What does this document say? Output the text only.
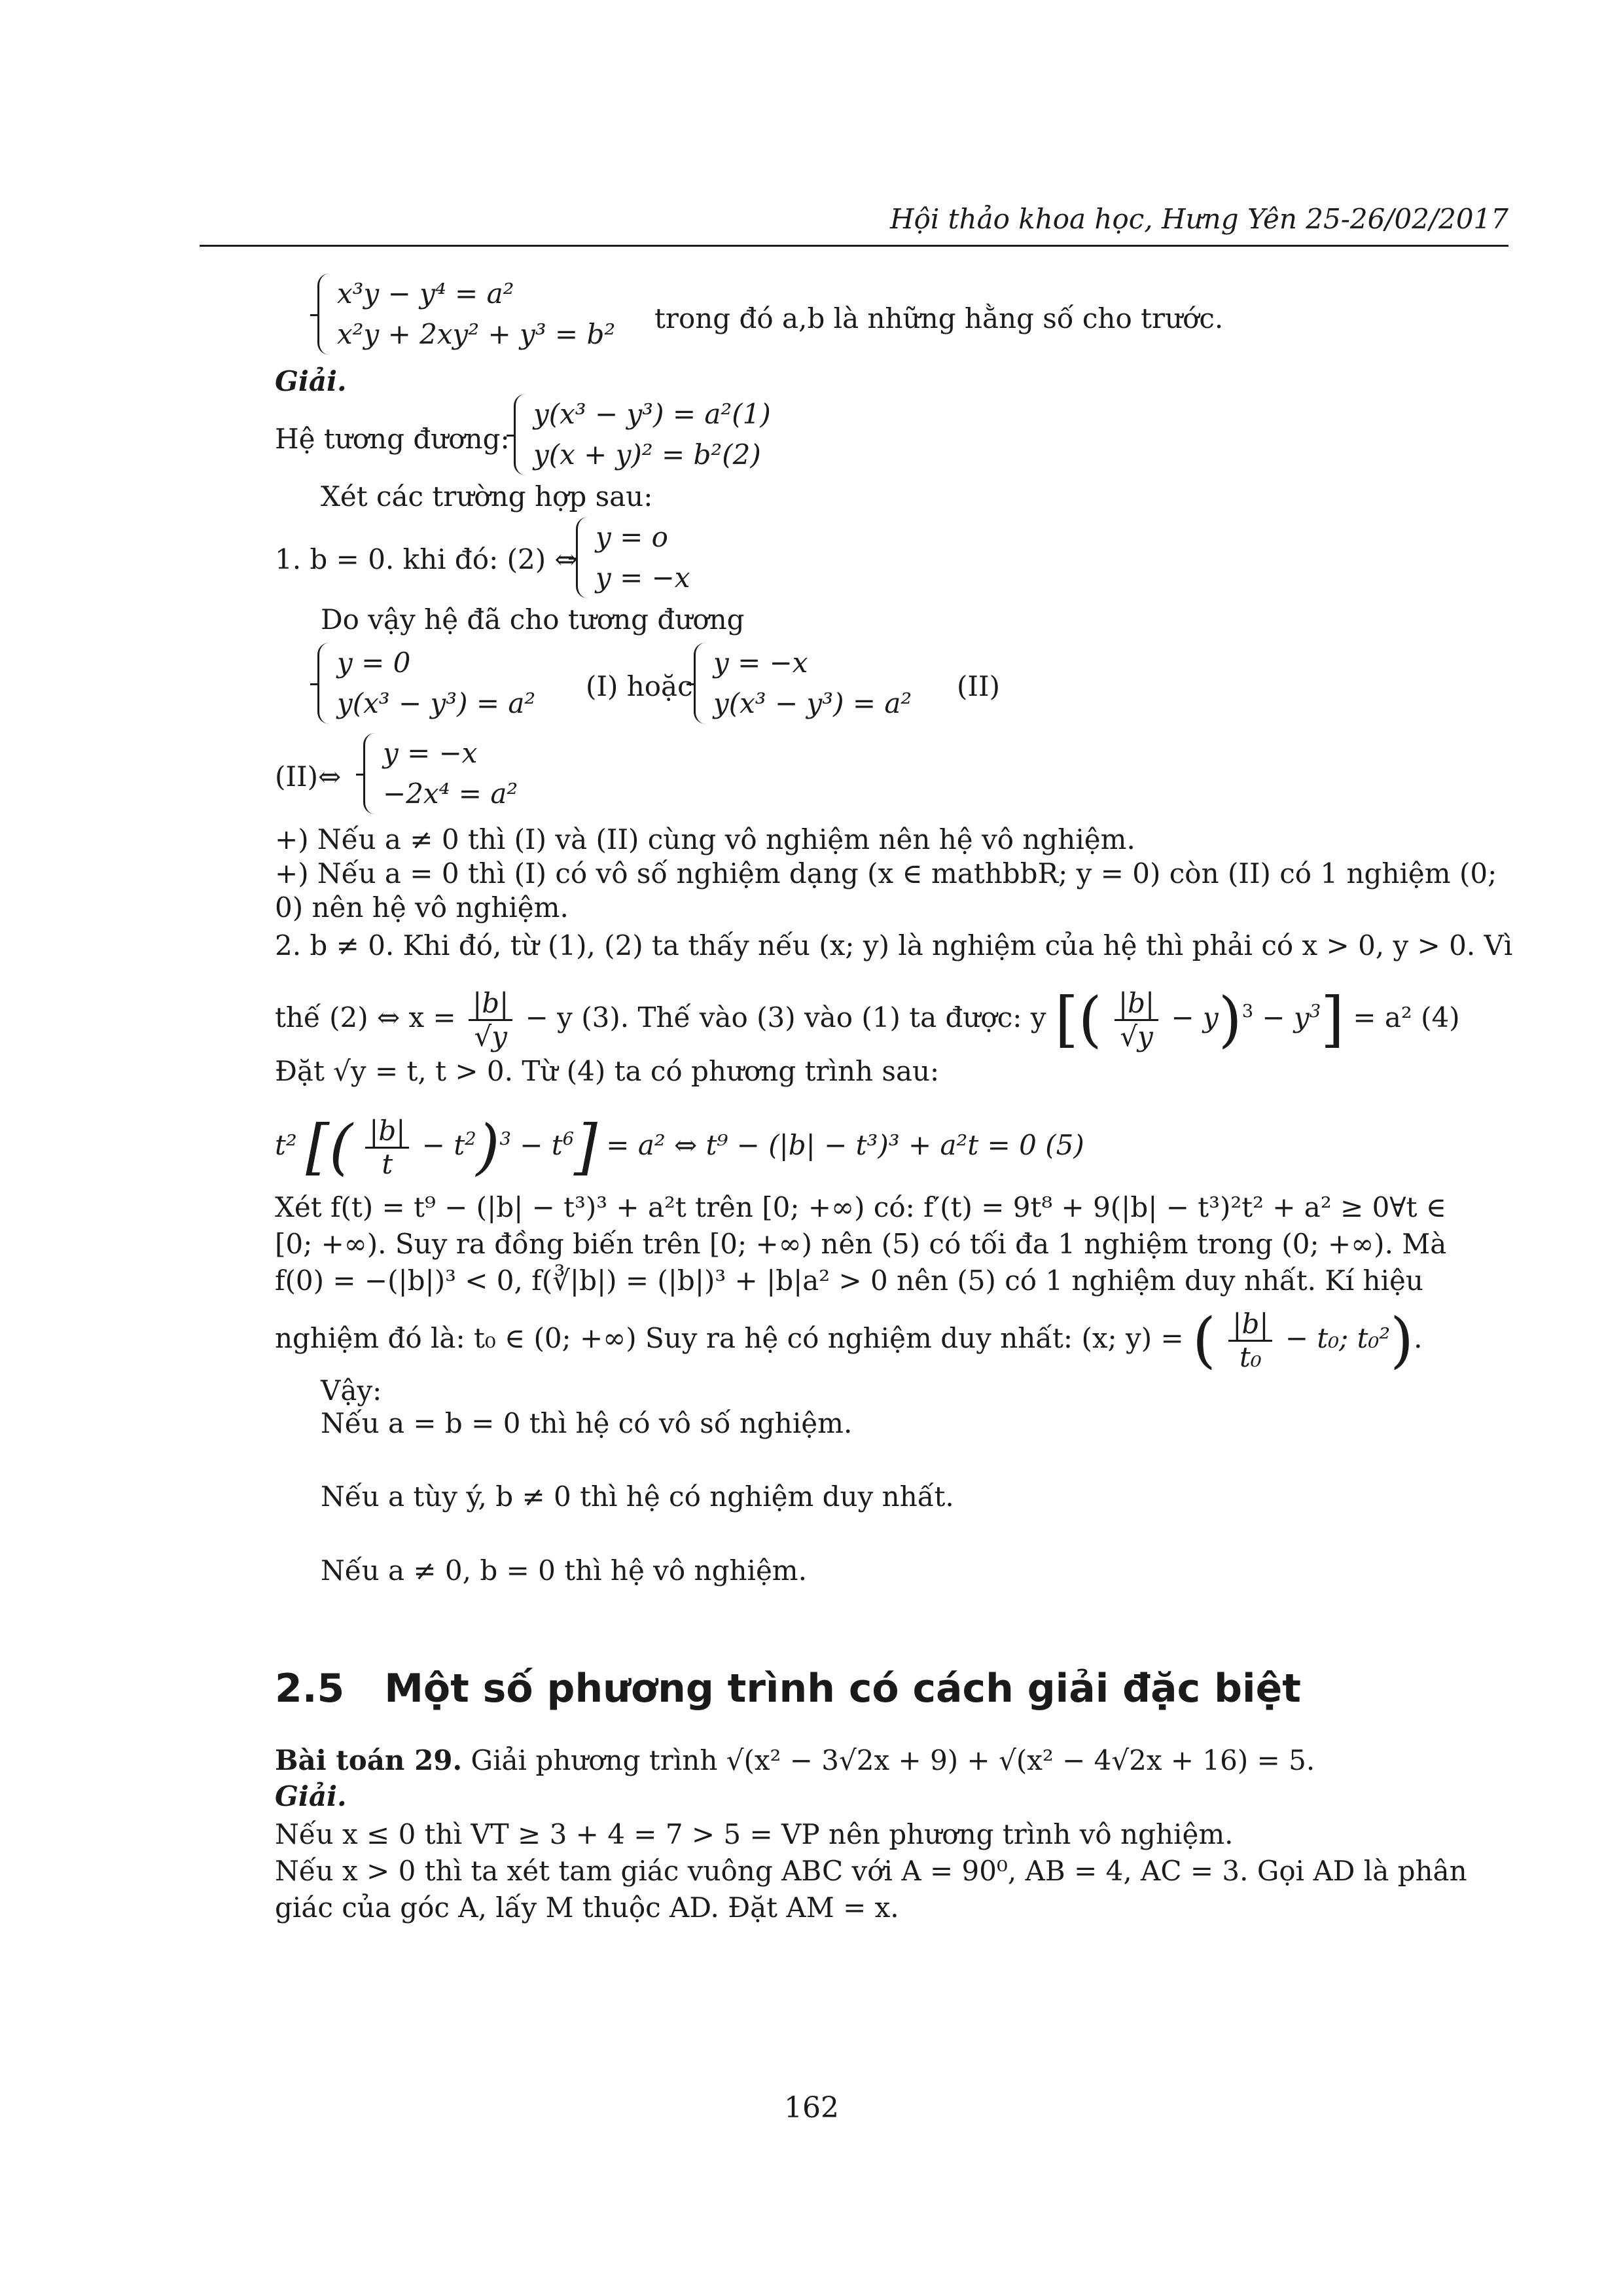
Hội thảo khoa học, Hưng Yên 25-26/02/2017
x³y − y⁴ = a²
x²y + 2xy² + y³ = b² trong đó a,b là những hằng số cho trước.
Giải.
Hệ tương đương:
y(x³ − y³) = a²(1)
y(x + y)² = b²(2)
Xét các trường hợp sau:
1. b = 0. khi đó: (2) ⇔
y = o
y = −x
Do vậy hệ đã cho tương đương
y = 0
y(x³ − y³) = a²
(I) hoặc
y = −x
y(x³ − y³) = a²
(II)
(II)⇔
y = −x
−2x⁴ = a²
+) Nếu a ≠ 0 thì (I) và (II) cùng vô nghiệm nên hệ vô nghiệm.
+) Nếu a = 0 thì (I) có vô số nghiệm dạng (x ∈ mathbbR; y = 0) còn (II) có 1 nghiệm (0;
0) nên hệ vô nghiệm.
2. b ≠ 0. Khi đó, từ (1), (2) ta thấy nếu (x; y) là nghiệm của hệ thì phải có x > 0, y > 0. Vì
thế (2) ⇔ $x = \frac{|b|}{√y} - y$ (3). Thế vào (3) vào (1) ta được: y [( $\frac{|b|}{√y} - y)^3 - y^3] = a^2$ (4)
Đặt √y = t, t > 0. Từ (4) ta có phương trình sau:
t² [( $\frac{|b|}{t} - t^2)^3 - t^6] = a^2$ ⇔ t⁹ − (|b| − t³)³ + a²t = 0 (5)
Xét f(t) = t⁹ − (|b| − t³)³ + a²t trên [0; +∞) có: f′(t) = 9t⁸ + 9(|b| − t³)²t² + a² ≥ 0∀t ∈
[0; +∞). Suy ra đồng biến trên [0; +∞) nên (5) có tối đa 1 nghiệm trong (0; +∞). Mà
f(0) = −(|b|)³ < 0, f(∛|b|) = (|b|)³ + |b|a² > 0 nên (5) có 1 nghiệm duy nhất. Kí hiệu
nghiệm đó là: t₀ ∈ (0; +∞) Suy ra hệ có nghiệm duy nhất: (x; y) = ( $\frac{|b|}{\text{t₀}} - t_0$; t₀²).
Vậy:
Nếu a = b = 0 thì hệ có vô số nghiệm.
Nếu a tùy ý, b ≠ 0 thì hệ có nghiệm duy nhất.
Nếu a ≠ 0, b = 0 thì hệ vô nghiệm.
2.5 Một số phương trình có cách giải đặc biệt
Bài toán 29. Giải phương trình √(x² − 3√2x + 9) + √(x² − 4√2x + 16) = 5.
Giải.
Nếu x ≤ 0 thì VT ≥ 3 + 4 = 7 > 5 = VP nên phương trình vô nghiệm.
Nếu x > 0 thì ta xét tam giác vuông ABC với A = 90⁰, AB = 4, AC = 3. Gọi AD là phân
giác của góc A, lấy M thuộc AD. Đặt AM = x.
162
